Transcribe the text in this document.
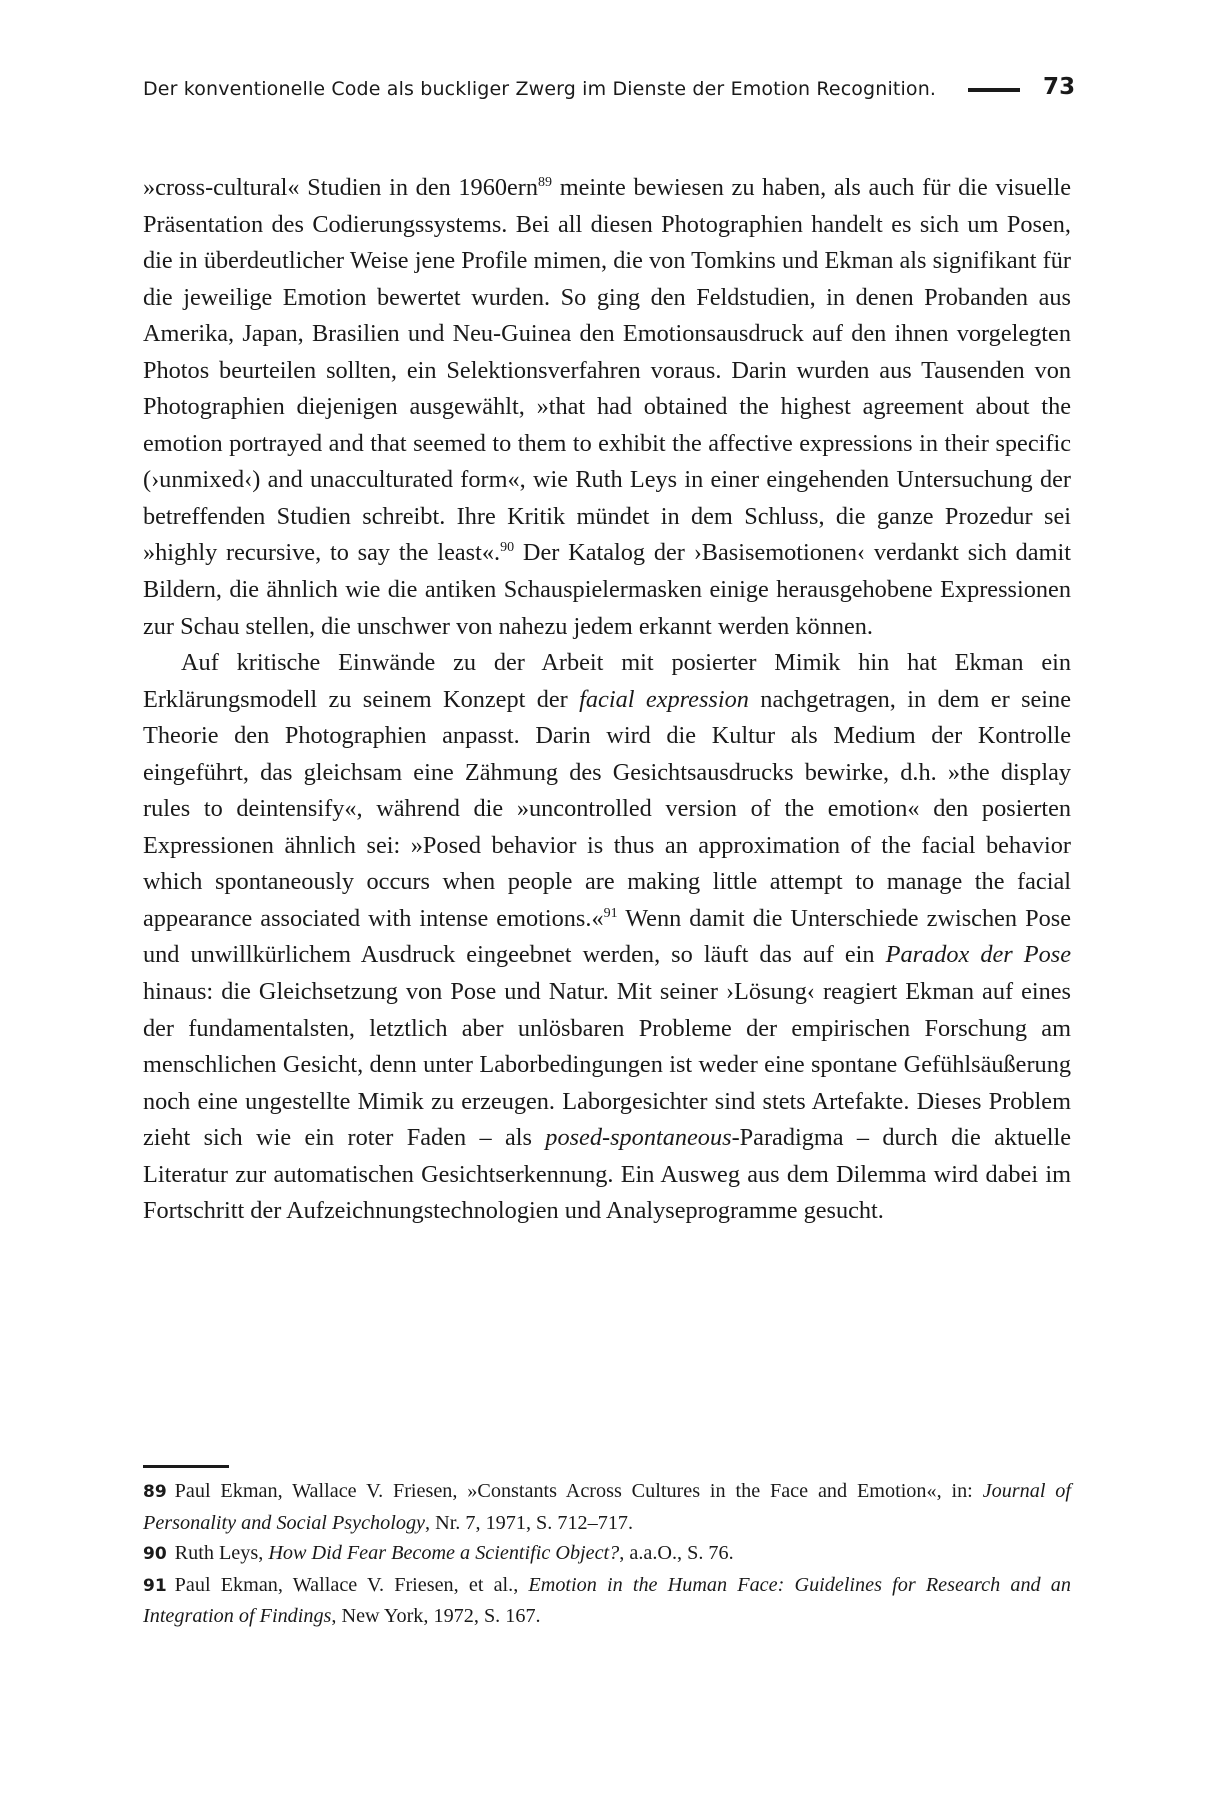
Der konventionelle Code als buckliger Zwerg im Dienste der Emotion Recognition.	73

»cross-cultural« Studien in den 1960ern$^{89}$ meinte bewiesen zu haben, als auch für die visuelle Präsentation des Codierungssystems. Bei all diesen Photographien handelt es sich um Posen, die in überdeutlicher Weise jene Profile mimen, die von Tomkins und Ekman als signifikant für die jeweilige Emotion bewertet wurden. So ging den Feldstudien, in denen Probanden aus Amerika, Japan, Brasilien und Neu-Guinea den Emotionsausdruck auf den ihnen vorgelegten Photos beurteilen sollten, ein Selektionsverfahren voraus. Darin wurden aus Tausenden von Photographien diejenigen ausgewählt, »that had obtained the highest agreement about the emotion portrayed and that seemed to them to exhibit the affective expressions in their specific (›unmixed‹) and unacculturated form«, wie Ruth Leys in einer eingehenden Untersuchung der betreffenden Studien schreibt. Ihre Kritik mündet in dem Schluss, die ganze Prozedur sei »highly recursive, to say the least«.$^{90}$ Der Katalog der ›Basisemotionen‹ verdankt sich damit Bildern, die ähnlich wie die antiken Schauspielermasken einige herausgehobene Expressionen zur Schau stellen, die unschwer von nahezu jedem erkannt werden können.

Auf kritische Einwände zu der Arbeit mit posierter Mimik hin hat Ekman ein Erklärungsmodell zu seinem Konzept der facial expression nachgetragen, in dem er seine Theorie den Photographien anpasst. Darin wird die Kultur als Medium der Kontrolle eingeführt, das gleichsam eine Zähmung des Gesichtsausdrucks bewirke, d.h. »the display rules to deintensify«, während die »uncontrolled version of the emotion« den posierten Expressionen ähnlich sei: »Posed behavior is thus an approximation of the facial behavior which spontaneously occurs when people are making little attempt to manage the facial appearance associated with intense emotions.«$^{91}$ Wenn damit die Unterschiede zwischen Pose und unwillkürlichem Ausdruck eingeebnet werden, so läuft das auf ein Paradox der Pose hinaus: die Gleichsetzung von Pose und Natur. Mit seiner ›Lösung‹ reagiert Ekman auf eines der fundamentalsten, letztlich aber unlösbaren Probleme der empirischen Forschung am menschlichen Gesicht, denn unter Laborbedingungen ist weder eine spontane Gefühlsäußerung noch eine ungestellte Mimik zu erzeugen. Laborgesichter sind stets Artefakte. Dieses Problem zieht sich wie ein roter Faden – als posed-spontaneous-Paradigma – durch die aktuelle Literatur zur automatischen Gesichtserkennung. Ein Ausweg aus dem Dilemma wird dabei im Fortschritt der Aufzeichnungstechnologien und Analyseprogramme gesucht.

89 Paul Ekman, Wallace V. Friesen, »Constants Across Cultures in the Face and Emotion«, in: Journal of Personality and Social Psychology, Nr. 7, 1971, S. 712–717.

90 Ruth Leys, How Did Fear Become a Scientific Object?, a.a.O., S. 76.

91 Paul Ekman, Wallace V. Friesen, et al., Emotion in the Human Face: Guidelines for Research and an Integration of Findings, New York, 1972, S. 167.
